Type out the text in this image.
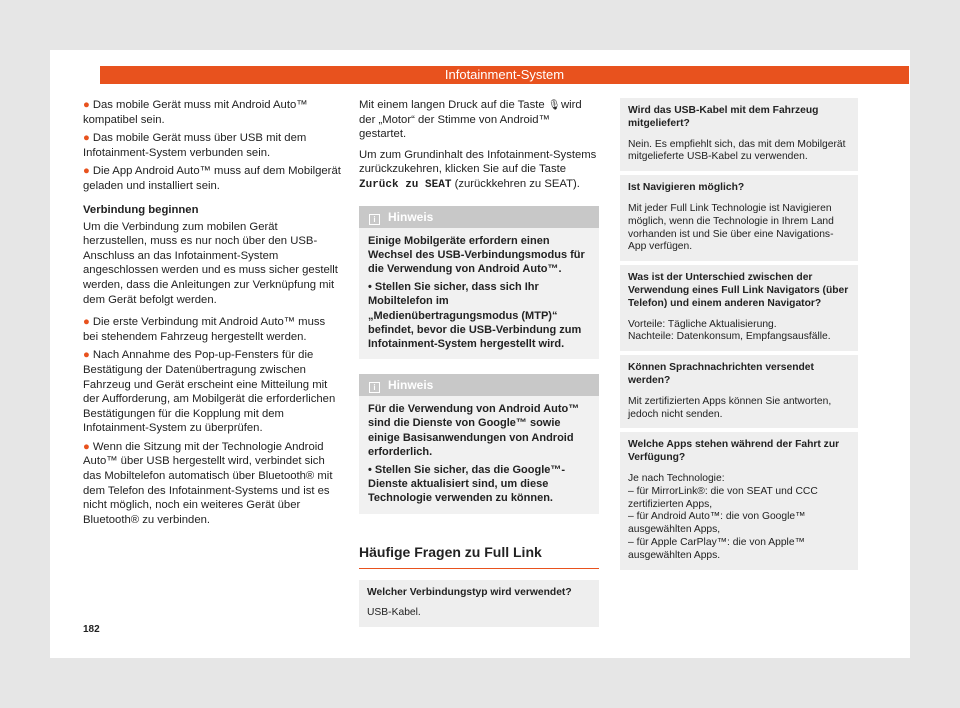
Infotainment-System

● Das mobile Gerät muss mit Android Auto™ kompatibel sein.

● Das mobile Gerät muss über USB mit dem Infotainment-System verbunden sein.

● Die App Android Auto™ muss auf dem Mobilgerät geladen und installiert sein.

Verbindung beginnen

Um die Verbindung zum mobilen Gerät herzustellen, muss es nur noch über den USB-Anschluss an das Infotainment-System angeschlossen werden und es muss sicher gestellt werden, dass die Anleitungen zur Verknüpfung mit dem Gerät befolgt werden.

● Die erste Verbindung mit Android Auto™ muss bei stehendem Fahrzeug hergestellt werden.

● Nach Annahme des Pop-up-Fensters für die Bestätigung der Datenübertragung zwischen Fahrzeug und Gerät erscheint eine Mitteilung mit der Aufforderung, am Mobilgerät die erforderlichen Bestätigungen für die Kopplung mit dem Infotainment-System zu überprüfen.

● Wenn die Sitzung mit der Technologie Android Auto™ über USB hergestellt wird, verbindet sich das Mobiltelefon automatisch über Bluetooth® mit dem Telefon des Infotainment-Systems und ist es nicht möglich, noch ein weiteres Gerät über Bluetooth® zu verbinden.

Mit einem langen Druck auf die Taste 🎙 wird der „Motor“ der Stimme von Android™ gestartet.

Um zum Grundinhalt des Infotainment-Systems zurückzukehren, klicken Sie auf die Taste Zurück zu SEAT (zurückkehren zu SEAT).

i Hinweis

Einige Mobilgeräte erfordern einen Wechsel des USB-Verbindungsmodus für die Verwendung von Android Auto™.

• Stellen Sie sicher, dass sich Ihr Mobiltelefon im „Medienübertragungsmodus (MTP)“ befindet, bevor die USB-Verbindung zum Infotainment-System hergestellt wird.

i Hinweis

Für die Verwendung von Android Auto™ sind die Dienste von Google™ sowie einige Basisanwendungen von Android erforderlich.

• Stellen Sie sicher, das die Google™-Dienste aktualisiert sind, um diese Technologie verwenden zu können.

Häufige Fragen zu Full Link
Welcher Verbindungstyp wird verwendet?
USB-Kabel.
Wird das USB-Kabel mit dem Fahrzeug mitgeliefert?
Nein. Es empfiehlt sich, das mit dem Mobilgerät mitgelieferte USB-Kabel zu verwenden.
Ist Navigieren möglich?
Mit jeder Full Link Technologie ist Navigieren möglich, wenn die Technologie in Ihrem Land vorhanden ist und Sie über eine Navigations-App verfügen.
Was ist der Unterschied zwischen der Verwendung eines Full Link Navigators (über Telefon) und einem anderen Navigator?
Vorteile: Tägliche Aktualisierung.
Nachteile: Datenkonsum, Empfangsausfälle.
Können Sprachnachrichten versendet werden?
Mit zertifizierten Apps können Sie antworten, jedoch nicht senden.
Welche Apps stehen während der Fahrt zur Verfügung?
Je nach Technologie:
– für MirrorLink®: die von SEAT und CCC zertifizierten Apps,
– für Android Auto™: die von Google™ ausgewählten Apps,
– für Apple CarPlay™: die von Apple™ ausgewählten Apps.
182
